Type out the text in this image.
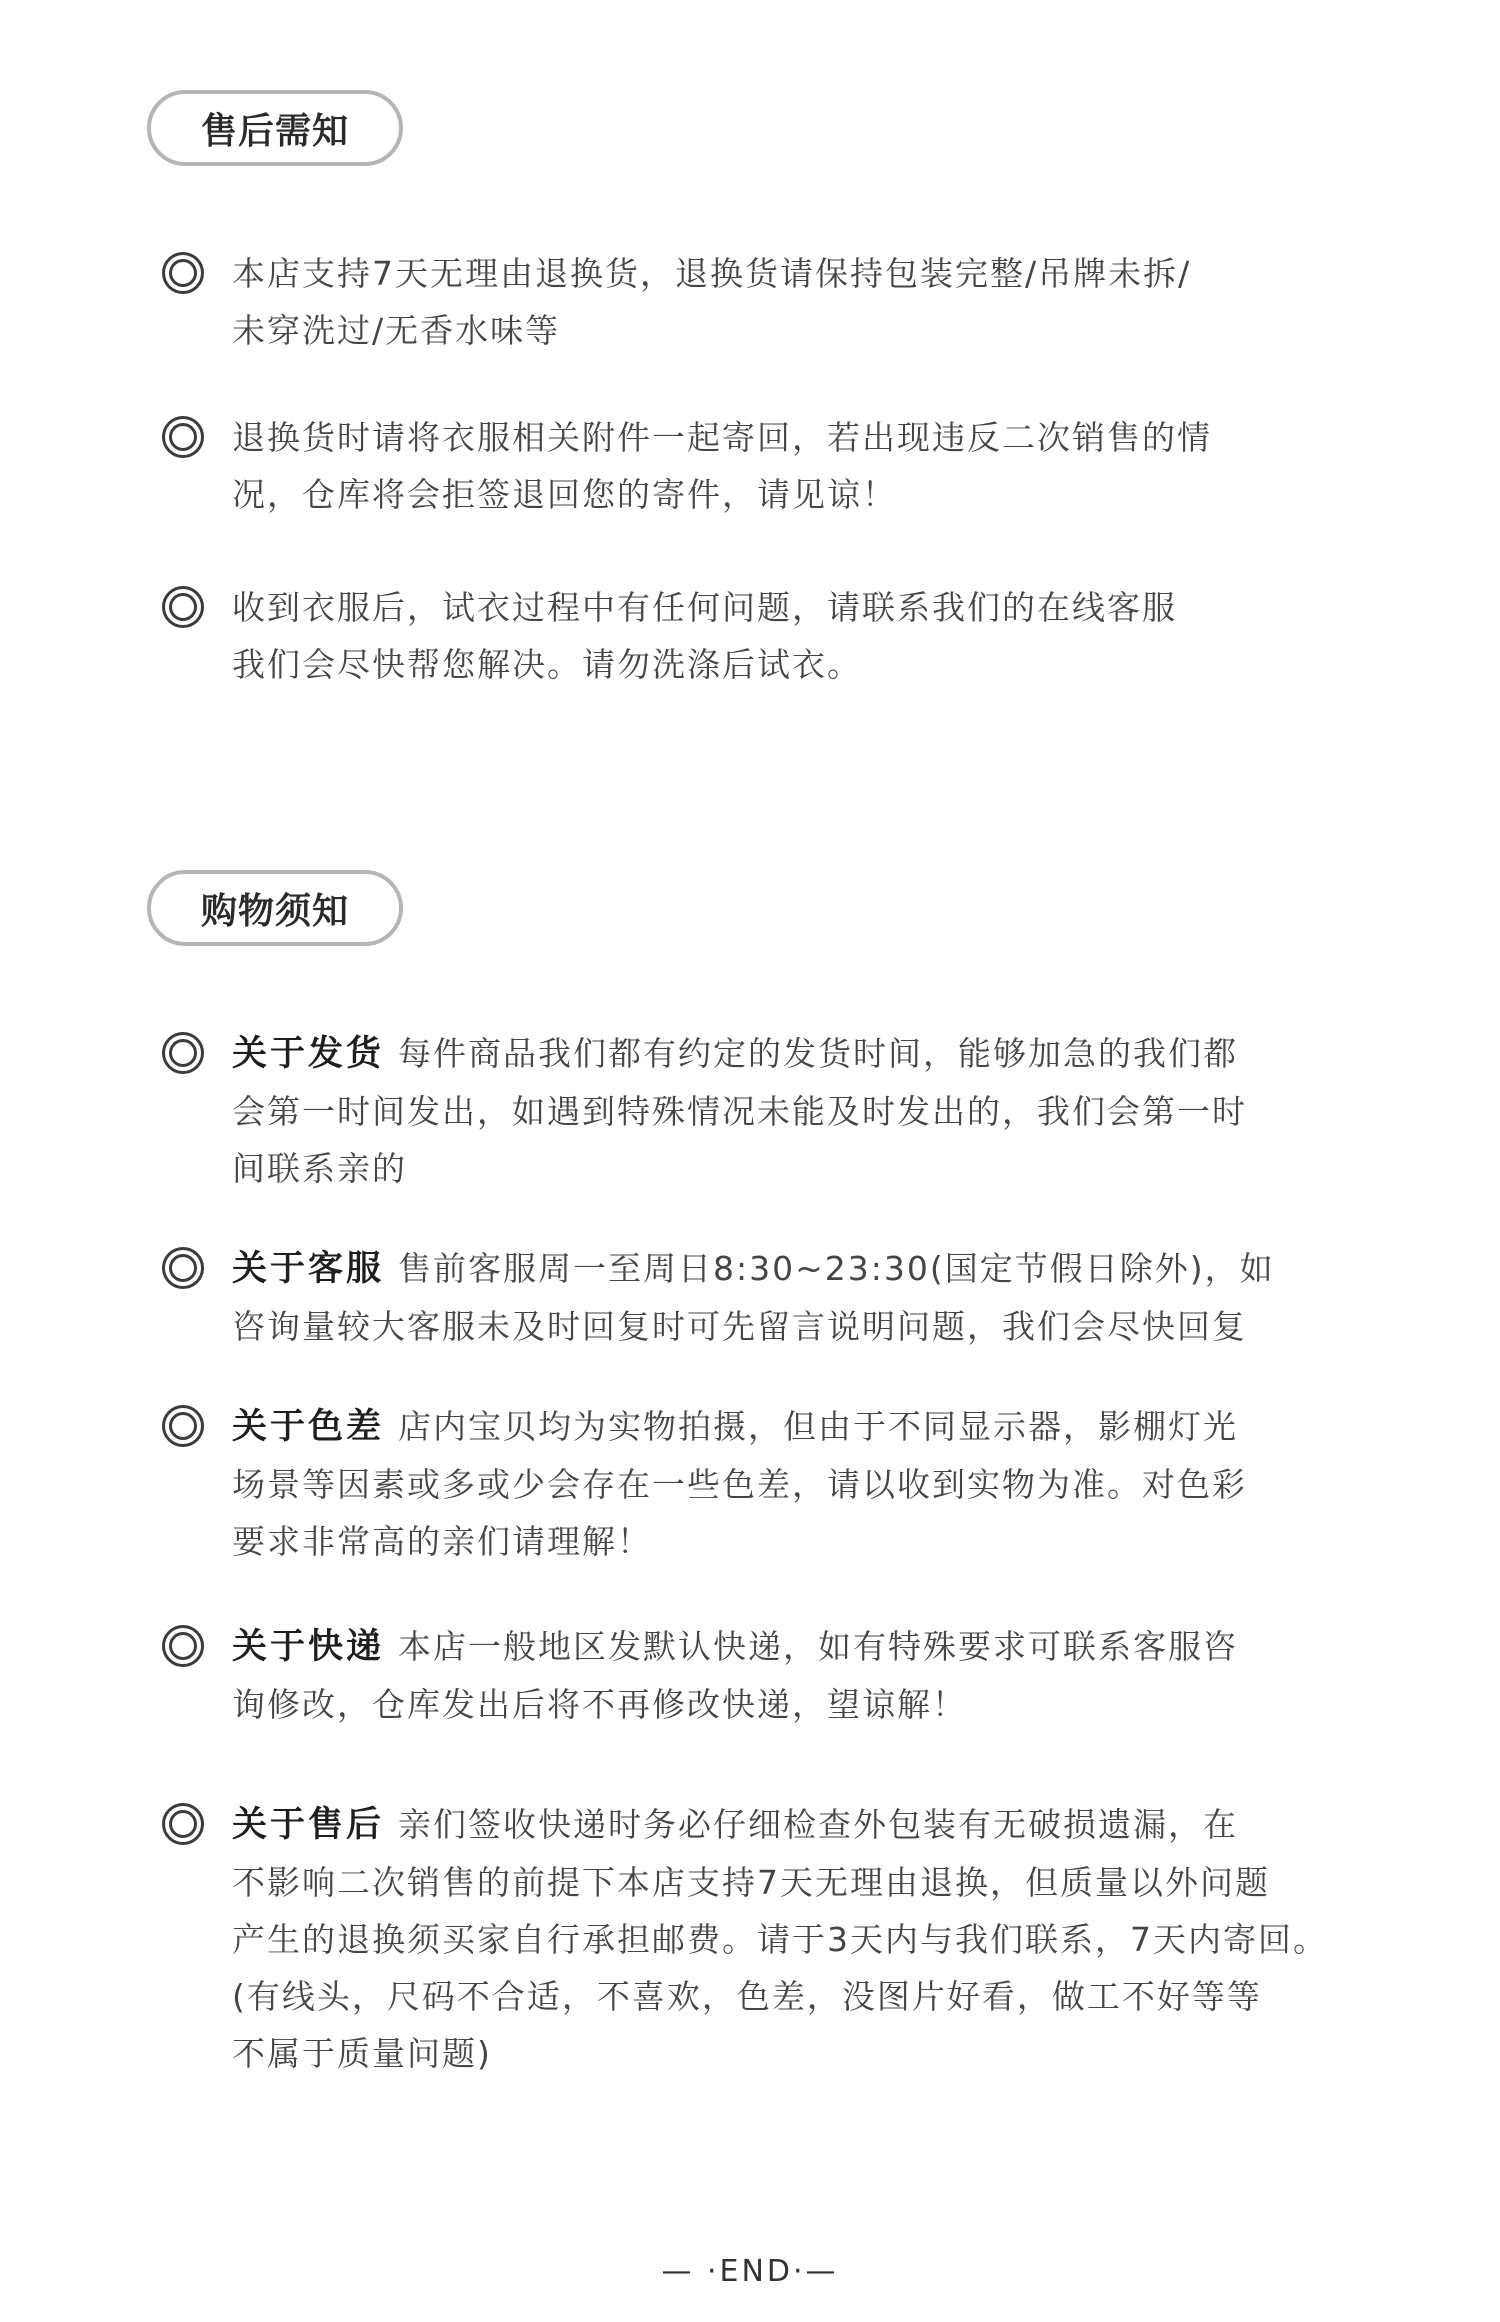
售后需知
本店支持7天无理由退换货，退换货请保持包装完整/吊牌未拆/
未穿洗过/无香水味等
退换货时请将衣服相关附件一起寄回，若出现违反二次销售的情
况，仓库将会拒签退回您的寄件，请见谅！
收到衣服后，试衣过程中有任何问题，请联系我们的在线客服
我们会尽快帮您解决。请勿洗涤后试衣。
购物须知
关于发货 每件商品我们都有约定的发货时间，能够加急的我们都
会第一时间发出，如遇到特殊情况未能及时发出的，我们会第一时
间联系亲的
关于客服 售前客服周一至周日8:30~23:30(国定节假日除外)，如
咨询量较大客服未及时回复时可先留言说明问题，我们会尽快回复
关于色差 店内宝贝均为实物拍摄，但由于不同显示器，影棚灯光
场景等因素或多或少会存在一些色差，请以收到实物为准。对色彩
要求非常高的亲们请理解！
关于快递 本店一般地区发默认快递，如有特殊要求可联系客服咨
询修改，仓库发出后将不再修改快递，望谅解！
关于售后 亲们签收快递时务必仔细检查外包装有无破损遗漏，在
不影响二次销售的前提下本店支持7天无理由退换，但质量以外问题
产生的退换须买家自行承担邮费。请于3天内与我们联系，7天内寄回。
(有线头，尺码不合适，不喜欢，色差，没图片好看，做工不好等等
不属于质量问题)
— ·END·—
